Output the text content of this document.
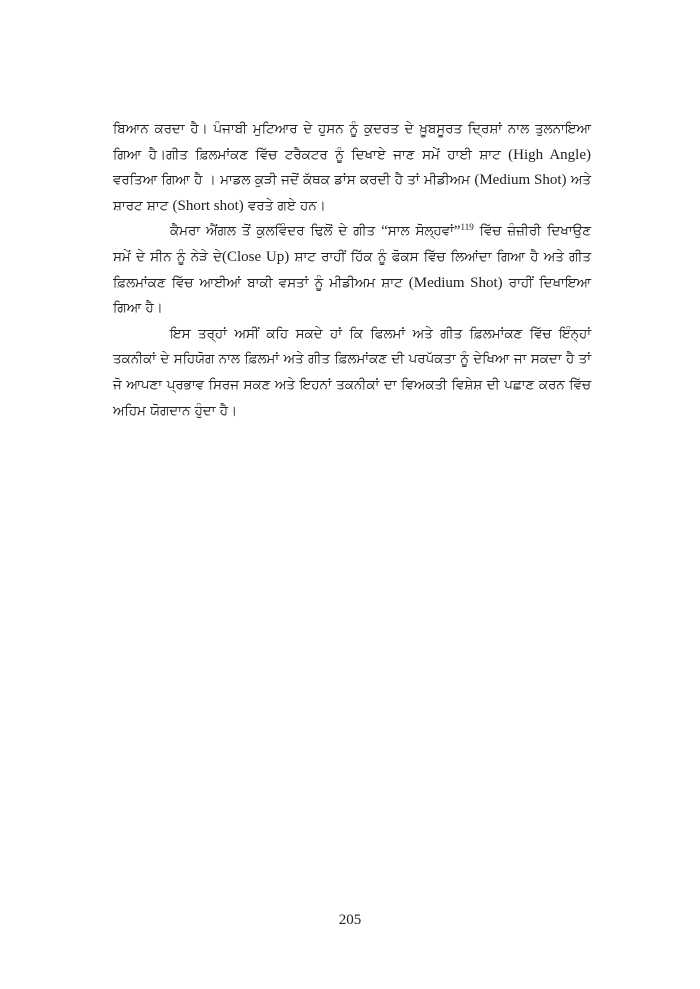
ਬਿਆਨ ਕਰਦਾ ਹੈ। ਪੰਜਾਬੀ ਮੁਟਿਆਰ ਦੇ ਹੁਸਨ ਨੂੰ ਕੁਦਰਤ ਦੇ ਖ਼ੂਬਸੂਰਤ ਦ੍ਰਿਸ਼ਾਂ ਨਾਲ ਤੁਲਨਾਇਆ ਗਿਆ ਹੈ।ਗੀਤ ਫ਼ਿਲਮਾਂਕਣ ਵਿੱਚ ਟਰੈਕਟਰ ਨੂੰ ਦਿਖਾਏ ਜਾਣ ਸਮੇਂ ਹਾਈ ਸ਼ਾਟ (High Angle) ਵਰਤਿਆ ਗਿਆ ਹੈ । ਮਾਡਲ ਕੁੜੀ ਜਦੋਂ ਕੱਥਕ ਡਾਂਸ ਕਰਦੀ ਹੈ ਤਾਂ ਮੀਡੀਅਮ (Medium Shot) ਅਤੇ ਸ਼ਾਰਟ ਸ਼ਾਟ (Short shot) ਵਰਤੇ ਗਏ ਹਨ।

ਕੈਮਰਾ ਐਂਗਲ ਤੋਂ ਕੁਲਵਿੰਦਰ ਢਿਲੋਂ ਦੇ ਗੀਤ “ਸਾਲ ਸੋਲ੍ਹਵਾਂ”$^{119}$ ਵਿੱਚ ਜ਼ੰਜ਼ੀਰੀ ਦਿਖਾਉਣ ਸਮੇਂ ਦੇ ਸੀਨ ਨੂੰ ਨੇੜੇ ਦੇ(Close Up) ਸ਼ਾਟ ਰਾਹੀਂ ਹਿੱਕ ਨੂੰ ਫੋਕਸ ਵਿੱਚ ਲਿਆਂਦਾ ਗਿਆ ਹੈ ਅਤੇ ਗੀਤ ਫ਼ਿਲਮਾਂਕਣ ਵਿੱਚ ਆਈਆਂ ਬਾਕੀ ਵਸਤਾਂ ਨੂੰ ਮੀਡੀਅਮ ਸ਼ਾਟ (Medium Shot) ਰਾਹੀਂ ਦਿਖਾਇਆ ਗਿਆ ਹੈ।

ਇਸ ਤਰ੍ਹਾਂ ਅਸੀਂ ਕਹਿ ਸਕਦੇ ਹਾਂ ਕਿ ਫਿਲਮਾਂ ਅਤੇ ਗੀਤ ਫ਼ਿਲਮਾਂਕਣ ਵਿੱਚ ਇੰਨ੍ਹਾਂ ਤਕਨੀਕਾਂ ਦੇ ਸਹਿਯੋਗ ਨਾਲ ਫ਼ਿਲਮਾਂ ਅਤੇ ਗੀਤ ਫ਼ਿਲਮਾਂਕਣ ਦੀ ਪਰਪੱਕਤਾ ਨੂੰ ਦੇਖਿਆ ਜਾ ਸਕਦਾ ਹੈ ਤਾਂ ਜੋ ਆਪਣਾ ਪ੍ਰਭਾਵ ਸਿਰਜ ਸਕਣ ਅਤੇ ਇਹਨਾਂ ਤਕਨੀਕਾਂ ਦਾ ਵਿਅਕਤੀ ਵਿਸ਼ੇਸ਼ ਦੀ ਪਛਾਣ ਕਰਨ ਵਿੱਚ ਅਹਿਮ ਯੋਗਦਾਨ ਹੁੰਦਾ ਹੈ।

205
